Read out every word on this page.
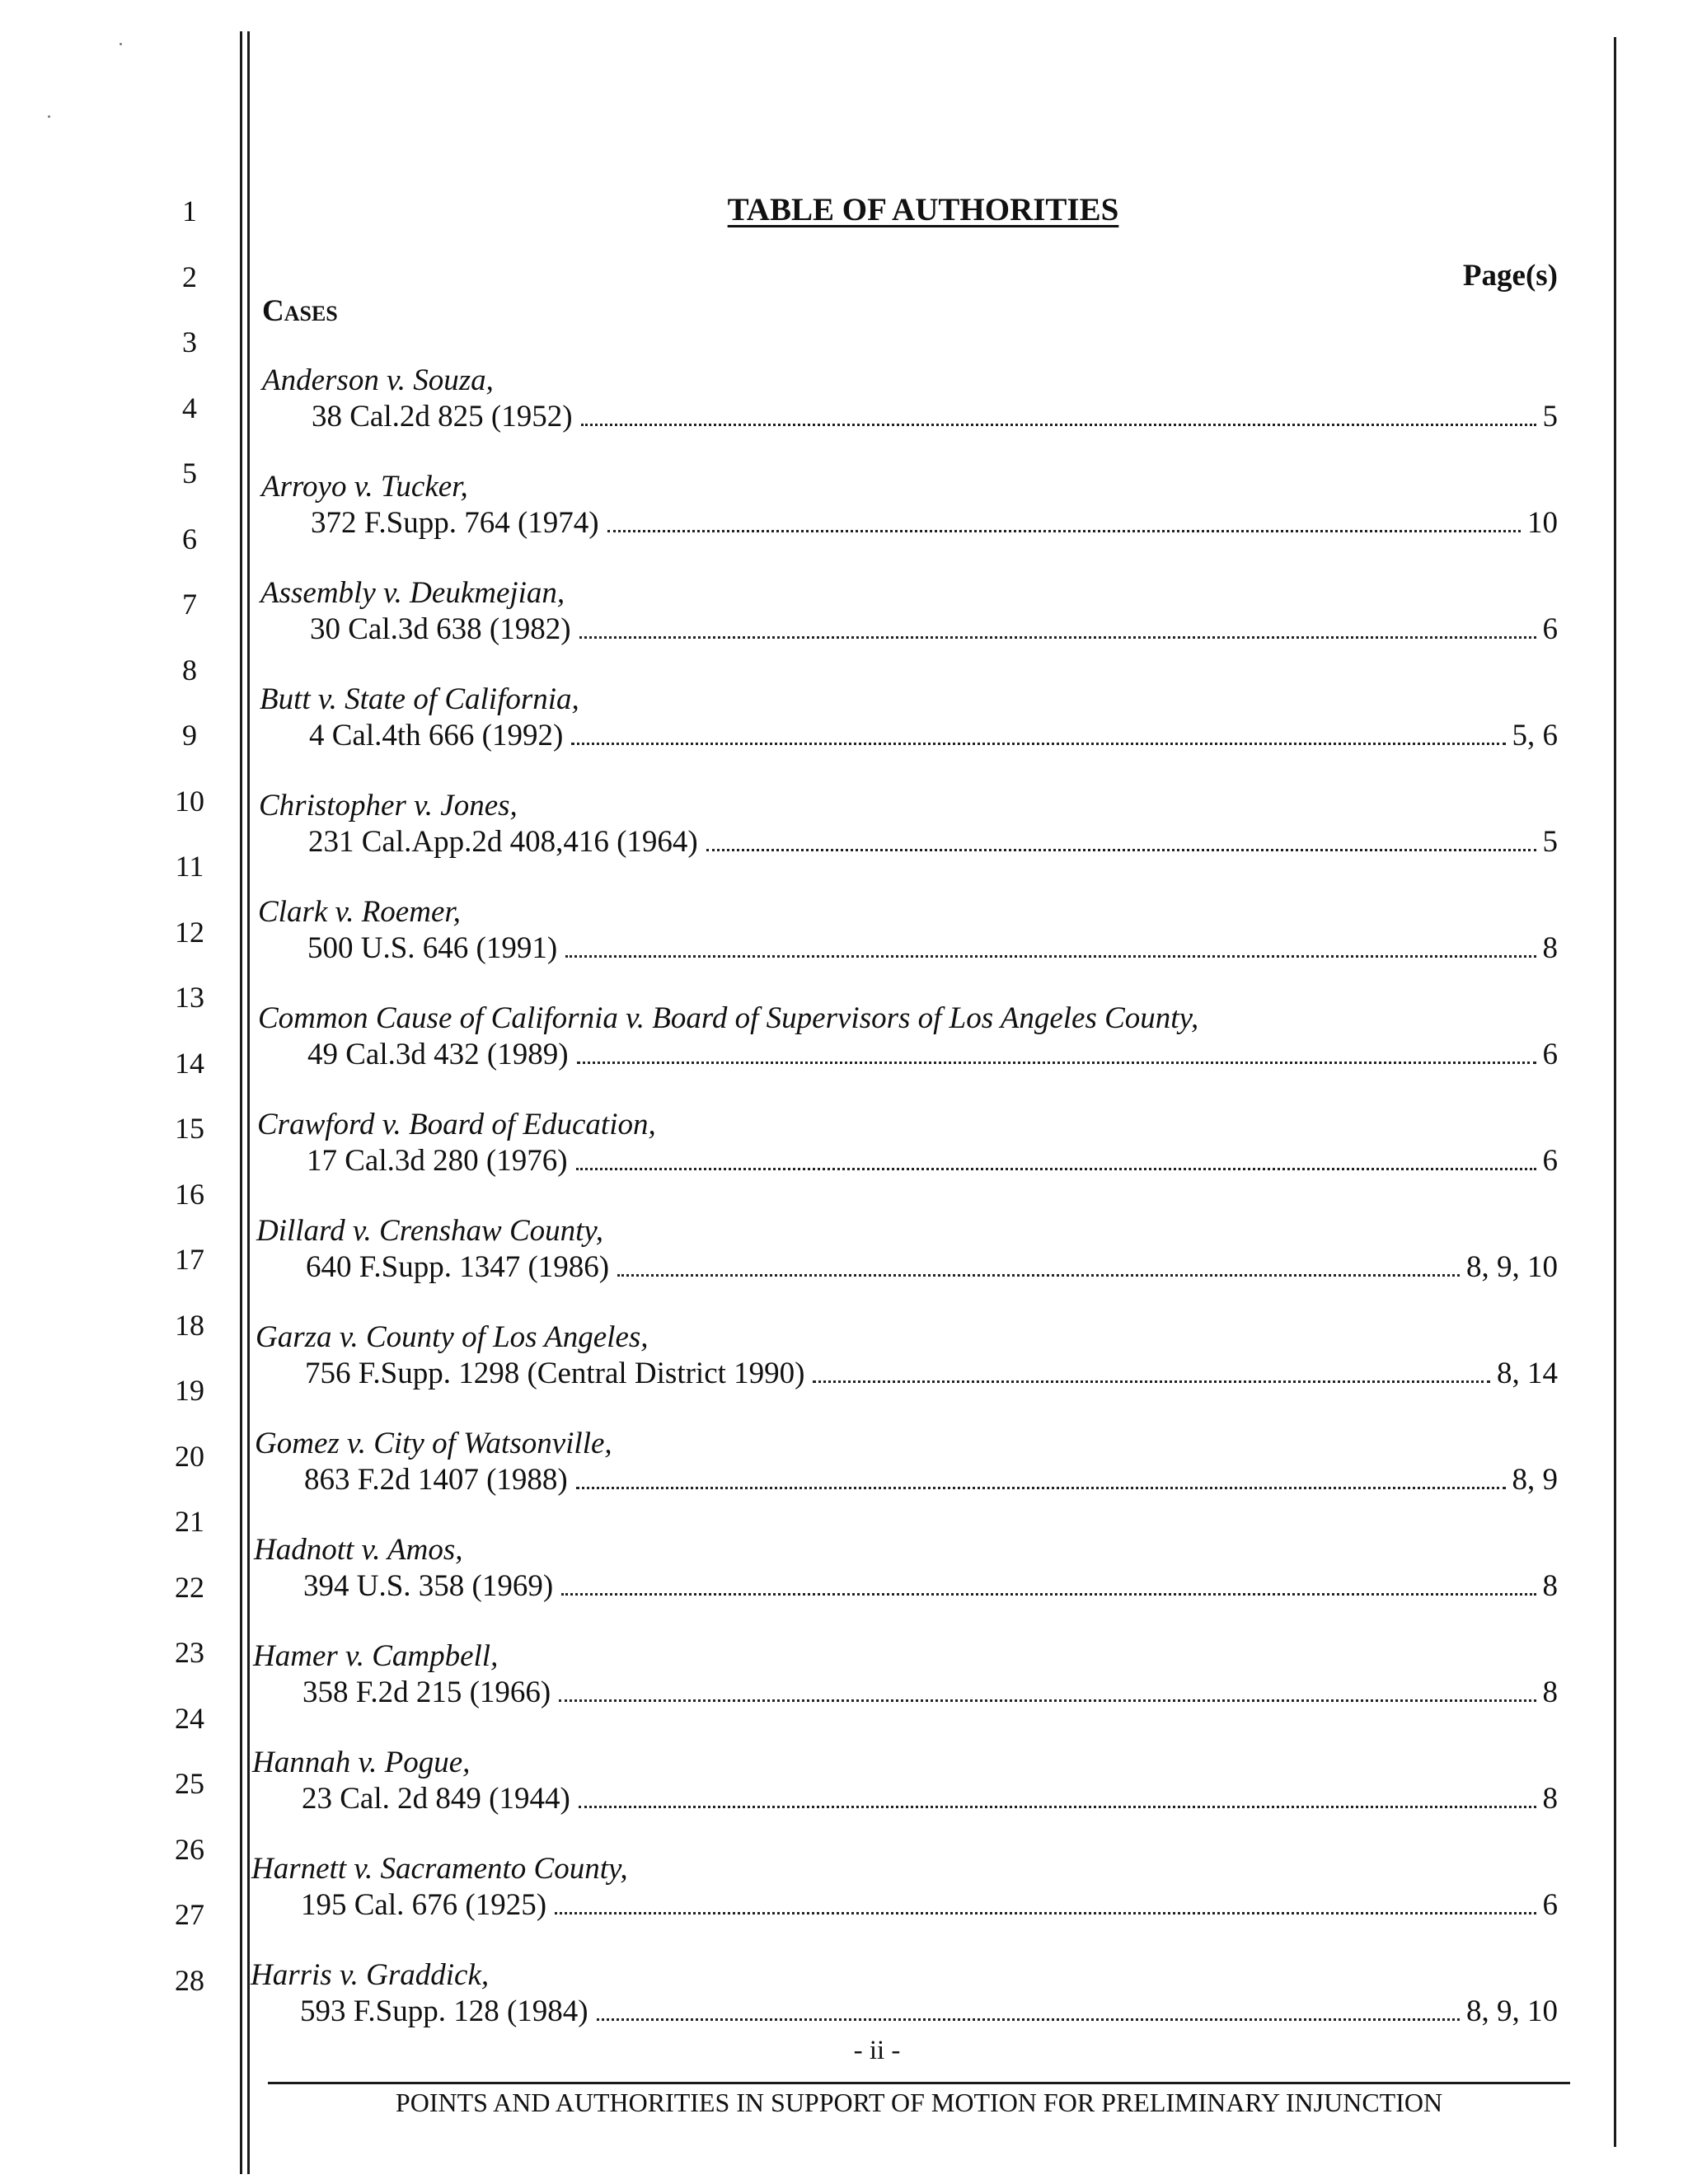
1
2
3
4
5
6
7
8
9
10
11
12
13
14
15
16
17
18
19
20
21
22
23
24
25
26
27
28
TABLE OF AUTHORITIES
Page(s)
Cases
Anderson v. Souza,
38 Cal.2d 825 (1952)	5
Arroyo v. Tucker,
372 F.Supp. 764 (1974)	10
Assembly v. Deukmejian,
30 Cal.3d 638 (1982)	6
Butt v. State of California,
4 Cal.4th 666 (1992)	5, 6
Christopher v. Jones,
231 Cal.App.2d 408,416 (1964)	5
Clark v. Roemer,
500 U.S. 646 (1991)	8
Common Cause of California v. Board of Supervisors of Los Angeles County,
49 Cal.3d 432 (1989)	6
Crawford v. Board of Education,
17 Cal.3d 280 (1976)	6
Dillard v. Crenshaw County,
640 F.Supp. 1347 (1986)	8, 9, 10
Garza v. County of Los Angeles,
756 F.Supp. 1298 (Central District 1990)	8, 14
Gomez v. City of Watsonville,
863 F.2d 1407 (1988)	8, 9
Hadnott v. Amos,
394 U.S. 358 (1969)	8
Hamer v. Campbell,
358 F.2d 215 (1966)	8
Hannah v. Pogue,
23 Cal. 2d 849 (1944)	8
Harnett v. Sacramento County,
195 Cal. 676 (1925)	6
Harris v. Graddick,
593 F.Supp. 128 (1984)	8, 9, 10
- ii -
POINTS AND AUTHORITIES IN SUPPORT OF MOTION FOR PRELIMINARY INJUNCTION
